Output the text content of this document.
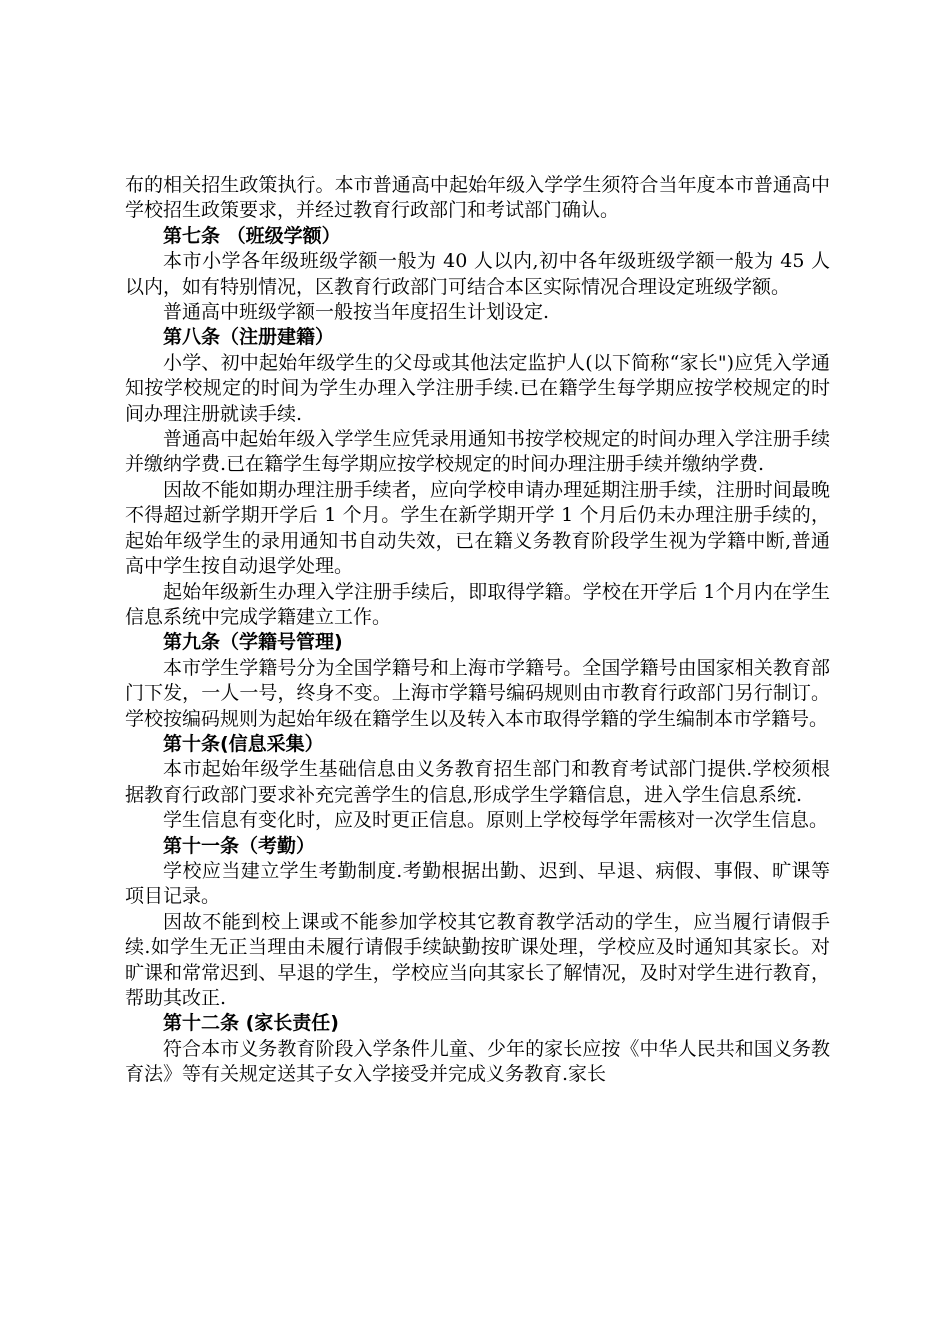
布的相关招生政策执行。本市普通高中起始年级入学学生须符合当年度本市普通高中学校招生政策要求，并经过教育行政部门和考试部门确认。

第七条 （班级学额）

本市小学各年级班级学额一般为 40 人以内,初中各年级班级学额一般为 45 人以内，如有特别情况，区教育行政部门可结合本区实际情况合理设定班级学额。

普通高中班级学额一般按当年度招生计划设定.

第八条（注册建籍）

小学、初中起始年级学生的父母或其他法定监护人(以下简称“家长")应凭入学通知按学校规定的时间为学生办理入学注册手续.已在籍学生每学期应按学校规定的时间办理注册就读手续.

普通高中起始年级入学学生应凭录用通知书按学校规定的时间办理入学注册手续并缴纳学费.已在籍学生每学期应按学校规定的时间办理注册手续并缴纳学费.

因故不能如期办理注册手续者，应向学校申请办理延期注册手续，注册时间最晚不得超过新学期开学后 1 个月。学生在新学期开学 1 个月后仍未办理注册手续的，起始年级学生的录用通知书自动失效，已在籍义务教育阶段学生视为学籍中断,普通高中学生按自动退学处理。

起始年级新生办理入学注册手续后，即取得学籍。学校在开学后 1个月内在学生信息系统中完成学籍建立工作。

第九条（学籍号管理)

本市学生学籍号分为全国学籍号和上海市学籍号。全国学籍号由国家相关教育部门下发，一人一号，终身不变。上海市学籍号编码规则由市教育行政部门另行制订。学校按编码规则为起始年级在籍学生以及转入本市取得学籍的学生编制本市学籍号。

第十条(信息采集）

本市起始年级学生基础信息由义务教育招生部门和教育考试部门提供.学校须根据教育行政部门要求补充完善学生的信息,形成学生学籍信息，进入学生信息系统.

学生信息有变化时，应及时更正信息。原则上学校每学年需核对一次学生信息。

第十一条（考勤）

学校应当建立学生考勤制度.考勤根据出勤、迟到、早退、病假、事假、旷课等项目记录。

因故不能到校上课或不能参加学校其它教育教学活动的学生，应当履行请假手续.如学生无正当理由未履行请假手续缺勤按旷课处理，学校应及时通知其家长。对旷课和常常迟到、早退的学生，学校应当向其家长了解情况，及时对学生进行教育，帮助其改正.

第十二条 (家长责任)

符合本市义务教育阶段入学条件儿童、少年的家长应按《中华人民共和国义务教育法》等有关规定送其子女入学接受并完成义务教育.家长
